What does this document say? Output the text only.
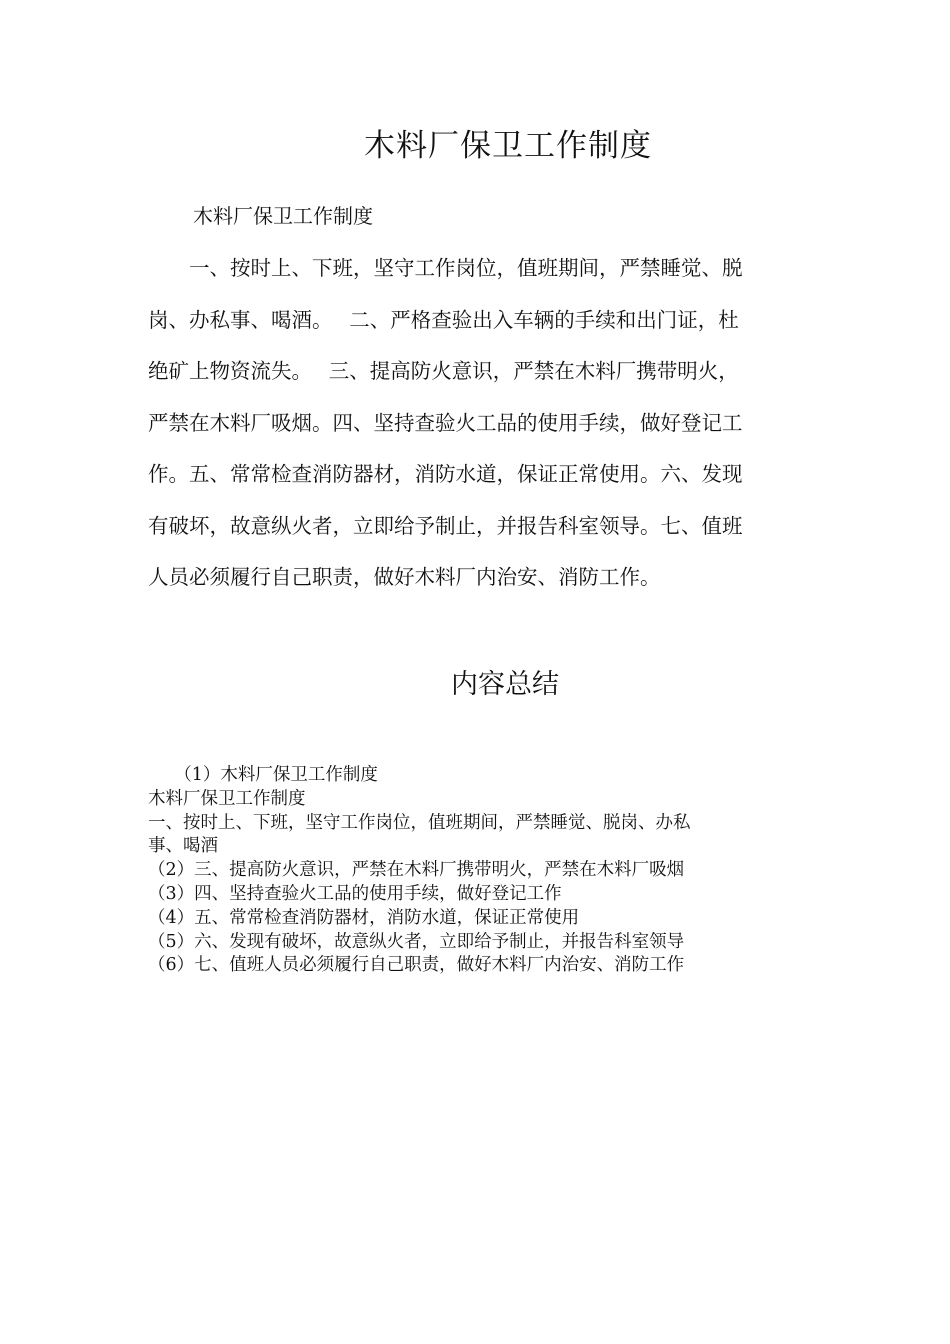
木料厂保卫工作制度
木料厂保卫工作制度
　　一、按时上、下班，坚守工作岗位，值班期间，严禁睡觉、脱
岗、办私事、喝酒。　 二、严格查验出入车辆的手续和出门证，杜
绝矿上物资流失。　 三、提高防火意识，严禁在木料厂携带明火，
严禁在木料厂吸烟。四、坚持查验火工品的使用手续，做好登记工
作。五、常常检查消防器材，消防水道，保证正常使用。六、发现
有破坏，故意纵火者，立即给予制止，并报告科室领导。七、值班
人员必须履行自己职责，做好木料厂内治安、消防工作。
内容总结
　　（1）木料厂保卫工作制度
木料厂保卫工作制度
一、按时上、下班，坚守工作岗位，值班期间，严禁睡觉、脱岗、办私
事、喝酒
（2）三、提高防火意识，严禁在木料厂携带明火，严禁在木料厂吸烟
（3）四、坚持查验火工品的使用手续，做好登记工作
（4）五、常常检查消防器材，消防水道，保证正常使用
（5）六、发现有破坏，故意纵火者，立即给予制止，并报告科室领导
（6）七、值班人员必须履行自己职责，做好木料厂内治安、消防工作
